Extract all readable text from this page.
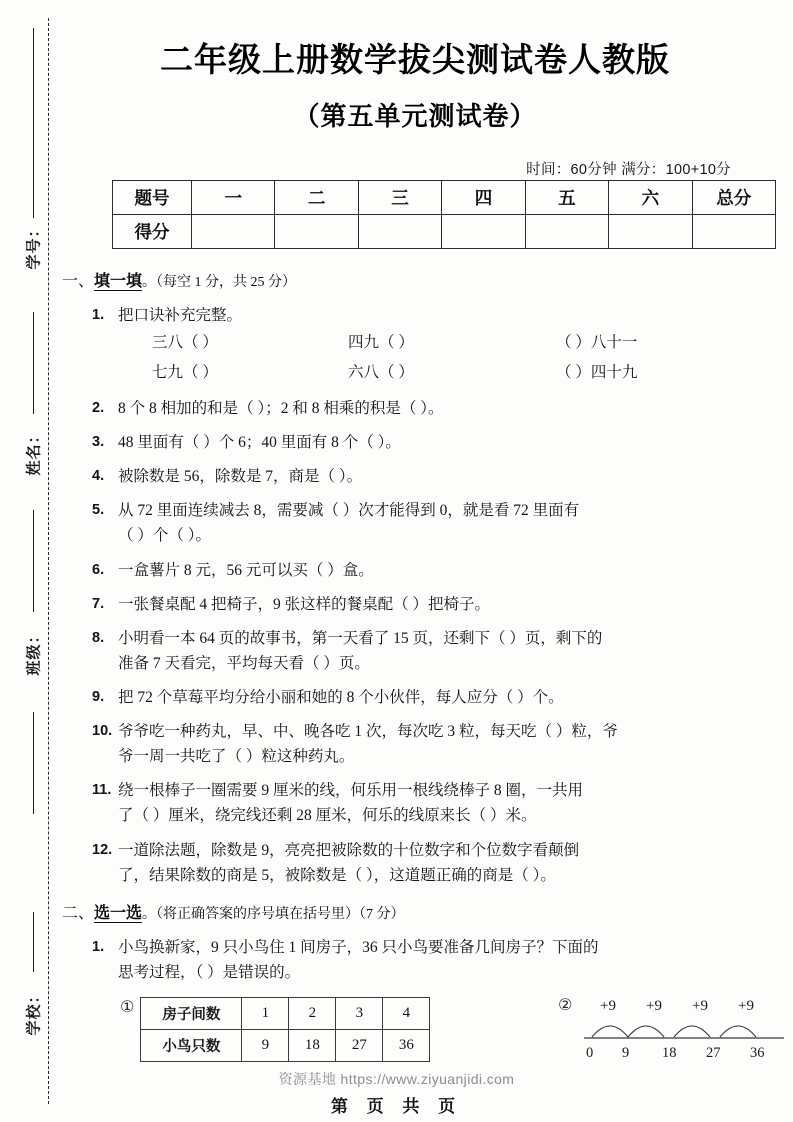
学号：
姓名：
班级：
学校：
二年级上册数学拔尖测试卷人教版
（第五单元测试卷）
时间：60分钟 满分：100+10分
题号	一	二	三	四	五	六	总分
得分							
一、填一填。（每空 1 分，共 25 分）
1. 把口诀补充完整。
三八（ ）	四九（ ）	（ ）八十一
七九（ ）	六八（ ）	（ ）四十九
2. 8 个 8 相加的和是（ ）；2 和 8 相乘的积是（ ）。
3. 48 里面有（ ）个 6；40 里面有 8 个（ ）。
4. 被除数是 56，除数是 7，商是（ ）。
5. 从 72 里面连续减去 8，需要减（ ）次才能得到 0，就是看 72 里面有
（ ）个（ ）。
6. 一盒薯片 8 元，56 元可以买（ ）盒。
7. 一张餐桌配 4 把椅子，9 张这样的餐桌配（ ）把椅子。
8. 小明看一本 64 页的故事书，第一天看了 15 页，还剩下（ ）页，剩下的
准备 7 天看完，平均每天看（ ）页。
9. 把 72 个草莓平均分给小丽和她的 8 个小伙伴，每人应分（ ）个。
10. 爷爷吃一种药丸，早、中、晚各吃 1 次，每次吃 3 粒，每天吃（ ）粒，爷
爷一周一共吃了（ ）粒这种药丸。
11. 绕一根棒子一圈需要 9 厘米的线，何乐用一根线绕棒子 8 圈，一共用
了（ ）厘米，绕完线还剩 28 厘米，何乐的线原来长（ ）米。
12. 一道除法题，除数是 9，亮亮把被除数的十位数字和个位数字看颠倒
了，结果除数的商是 5，被除数是（ ），这道题正确的商是（ ）。
二、选一选。（将正确答案的序号填在括号里）（7 分）
1. 小鸟换新家，9 只小鸟住 1 间房子，36 只小鸟要准备几间房子？下面的
思考过程，（ ）是错误的。
① 房子间数	1	2	3	4
小鸟只数	9	18	27	36
② +9 +9 +9 +9
0 9 18 27 36
资源基地 https://www.ziyuanjidi.com
第 页 共 页
